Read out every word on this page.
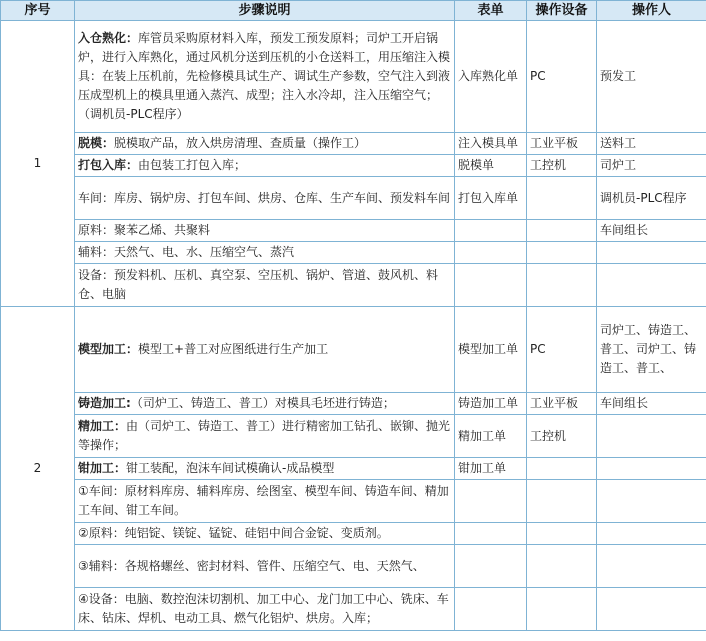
序号	步骤说明	表单	操作设备	操作人
1	入仓熟化：库管员采购原材料入库，预发工预发原料；司炉工开启锅炉，进行入库熟化，通过风机分送到压机的小仓送料工，用压缩注入模具：在装上压机前，先检修模具试生产、调试生产参数，空气注入到液压成型机上的模具里通入蒸汽、成型；注入水冷却，注入压缩空气；（调机员-PLC程序）	入库熟化单	PC	预发工
	脱模：脱模取产品，放入烘房清理、查质量（操作工）	注入模具单	工业平板	送料工
	打包入库：由包装工打包入库；	脱模单	工控机	司炉工
	车间：库房、锅炉房、打包车间、烘房、仓库、生产车间、预发料车间	打包入库单		调机员-PLC程序
	原料：聚苯乙烯、共聚料			车间组长
	辅料：天然气、电、水、压缩空气、蒸汽			
	设备：预发料机、压机、真空泵、空压机、锅炉、管道、鼓风机、料仓、电脑			
2	模型加工：模型工+普工对应图纸进行生产加工	模型加工单	PC	司炉工、铸造工、普工、司炉工、铸造工、普工、
	铸造加工:（司炉工、铸造工、普工）对模具毛坯进行铸造；	铸造加工单	工业平板	车间组长
	精加工：由（司炉工、铸造工、普工）进行精密加工钻孔、嵌铆、抛光等操作；	精加工单	工控机	
	钳加工：钳工装配，泡沫车间试模确认-成品模型	钳加工单		
	①车间：原材料库房、辅料库房、绘图室、模型车间、铸造车间、精加工车间、钳工车间。			
	②原料：纯铝锭、镁锭、锰锭、硅铝中间合金锭、变质剂。			
	③辅料：各规格螺丝、密封材料、管件、压缩空气、电、天然气、			
	④设备：电脑、数控泡沫切割机、加工中心、龙门加工中心、铣床、车床、钻床、焊机、电动工具、燃气化铝炉、烘房。入库；			
